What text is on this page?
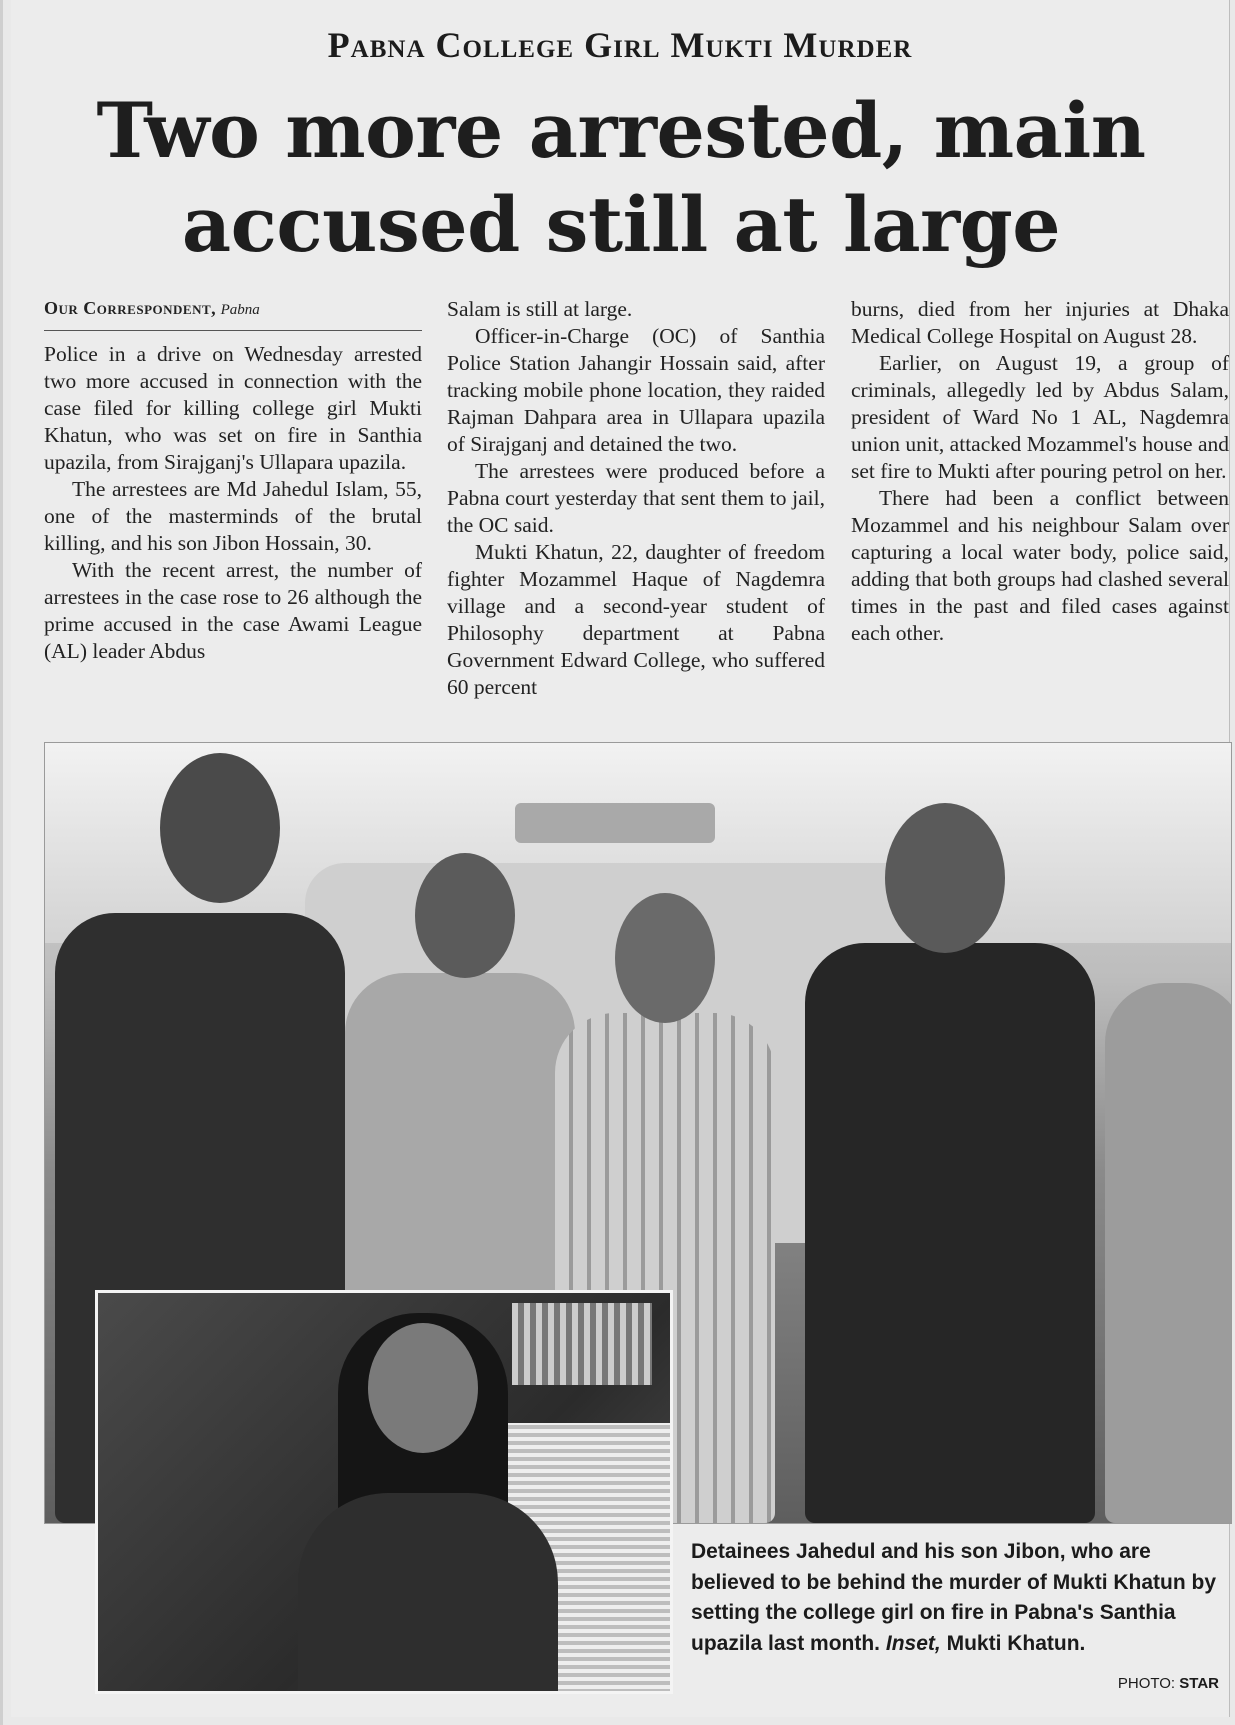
Pabna College Girl Mukti Murder
Two more arrested, main accused still at large
Our Correspondent, Pabna

Police in a drive on Wednesday arrested two more accused in connection with the case filed for killing college girl Mukti Khatun, who was set on fire in Santhia upazila, from Sirajganj's Ullapara upazila.

The arrestees are Md Jahedul Islam, 55, one of the masterminds of the brutal killing, and his son Jibon Hossain, 30.

With the recent arrest, the number of arrestees in the case rose to 26 although the prime accused in the case Awami League (AL) leader Abdus

Salam is still at large.

Officer-in-Charge (OC) of Santhia Police Station Jahangir Hossain said, after tracking mobile phone location, they raided Rajman Dahpara area in Ullapara upazila of Sirajganj and detained the two.

The arrestees were produced before a Pabna court yesterday that sent them to jail, the OC said.

Mukti Khatun, 22, daughter of freedom fighter Mozammel Haque of Nagdemra village and a second-year student of Philosophy department at Pabna Government Edward College, who suffered 60 percent

burns, died from her injuries at Dhaka Medical College Hospital on August 28.

Earlier, on August 19, a group of criminals, allegedly led by Abdus Salam, president of Ward No 1 AL, Nagdemra union unit, attacked Mozammel's house and set fire to Mukti after pouring petrol on her.

There had been a conflict between Mozammel and his neighbour Salam over capturing a local water body, police said, adding that both groups had clashed several times in the past and filed cases against each other.

Detainees Jahedul and his son Jibon, who are believed to be behind the murder of Mukti Khatun by setting the college girl on fire in Pabna's Santhia upazila last month. Inset, Mukti Khatun.
PHOTO: STAR
